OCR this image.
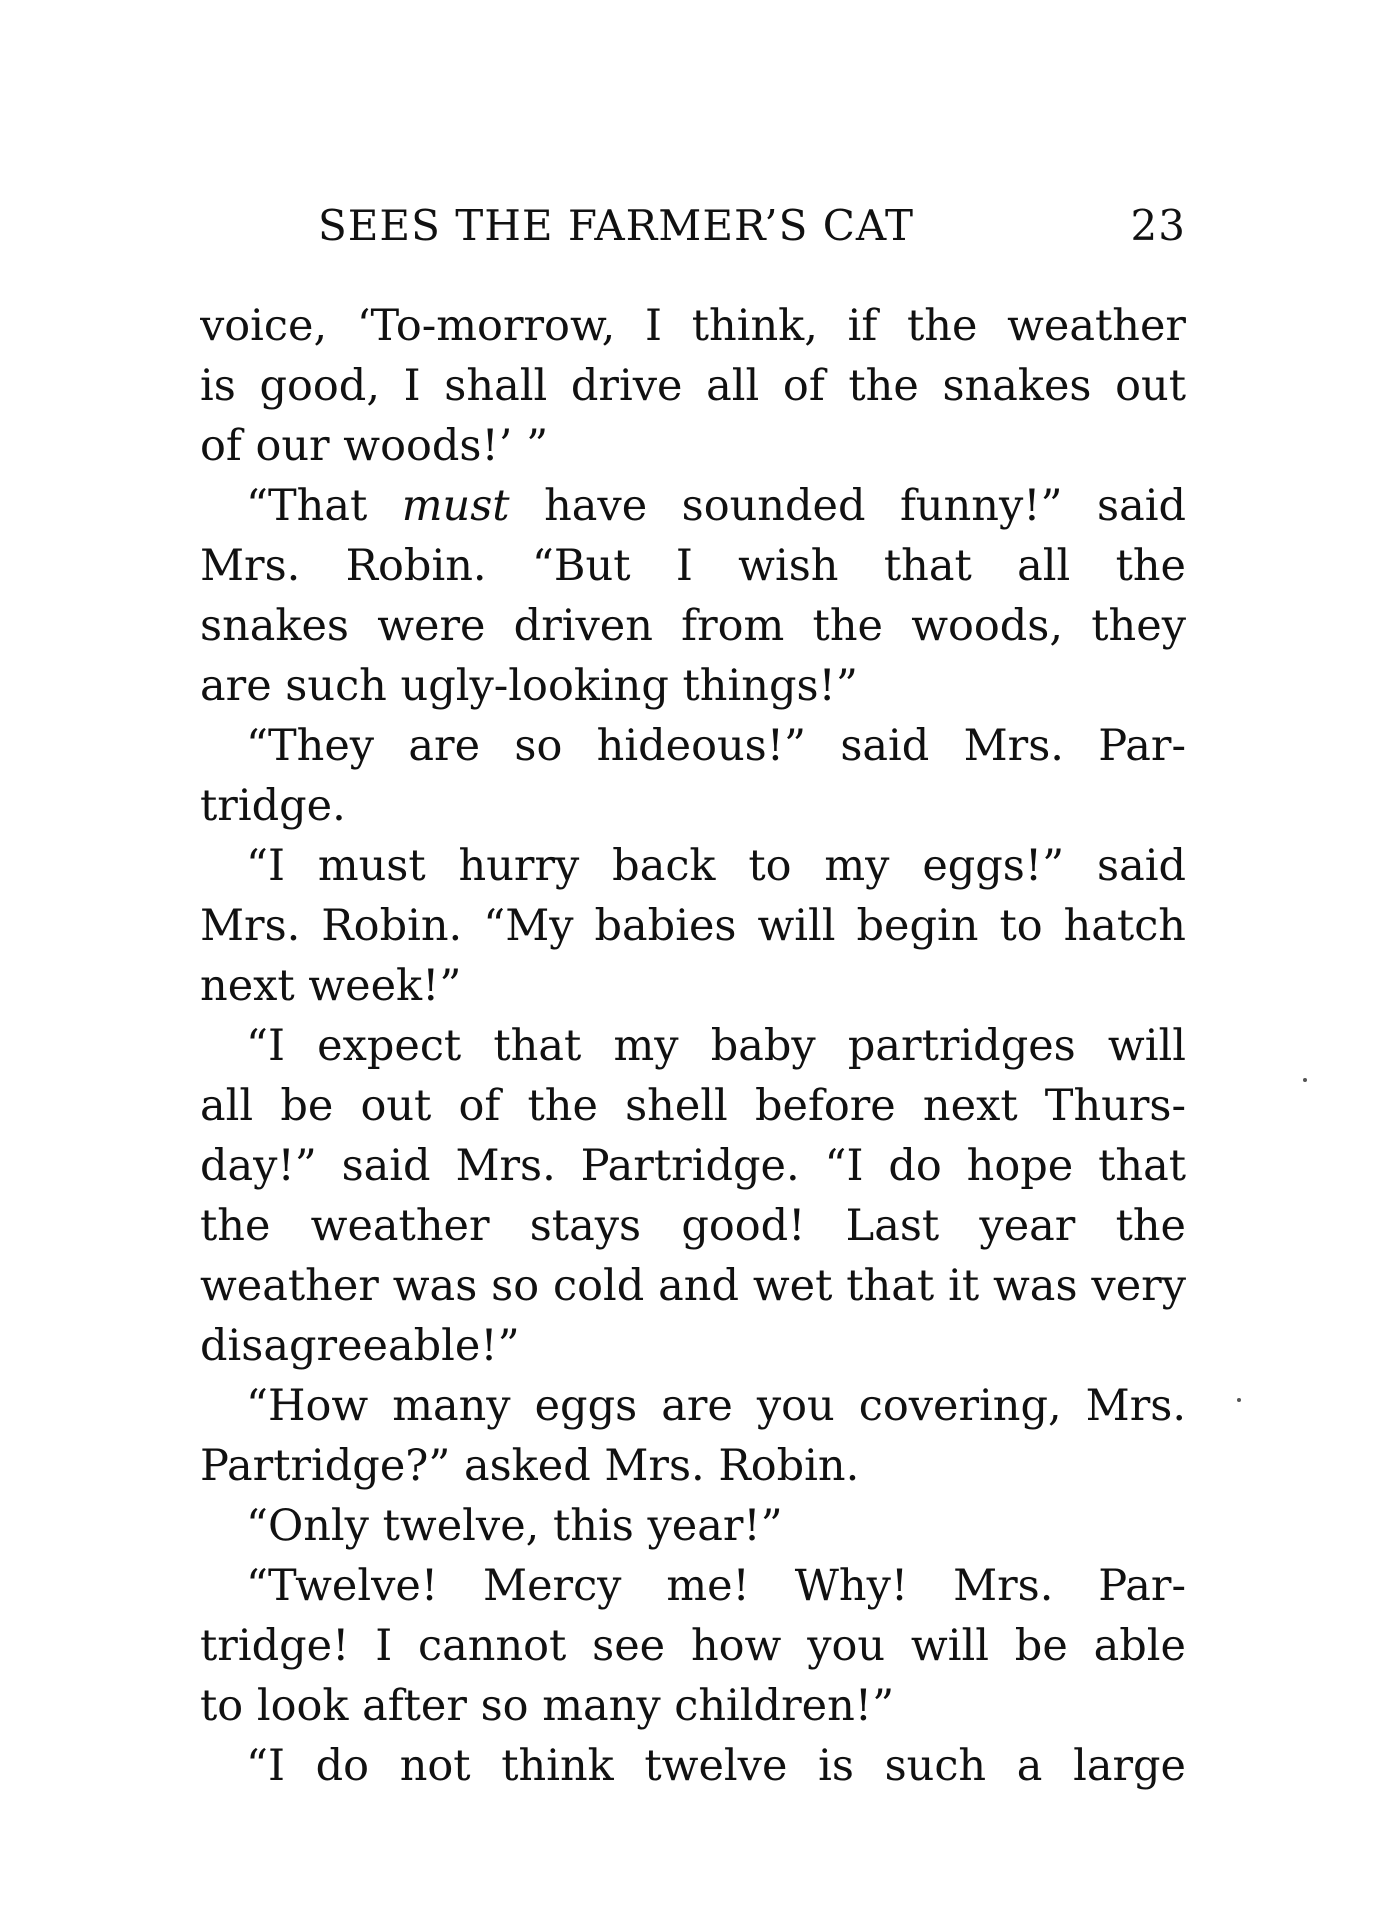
SEES THE FARMER’S CAT	23
voice, ‘To-morrow, I think, if the weather
is good, I shall drive all of the snakes out
of our woods!’ ”
“That must have sounded funny!” said
Mrs. Robin. “But I wish that all the
snakes were driven from the woods, they
are such ugly-looking things!”
“They are so hideous!” said Mrs. Par-
tridge.
“I must hurry back to my eggs!” said
Mrs. Robin. “My babies will begin to hatch
next week!”
“I expect that my baby partridges will
all be out of the shell before next Thurs-
day!” said Mrs. Partridge. “I do hope that
the weather stays good! Last year the
weather was so cold and wet that it was very
disagreeable!”
“How many eggs are you covering, Mrs.
Partridge?” asked Mrs. Robin.
“Only twelve, this year!”
“Twelve! Mercy me! Why! Mrs. Par-
tridge! I cannot see how you will be able
to look after so many children!”
“I do not think twelve is such a large
